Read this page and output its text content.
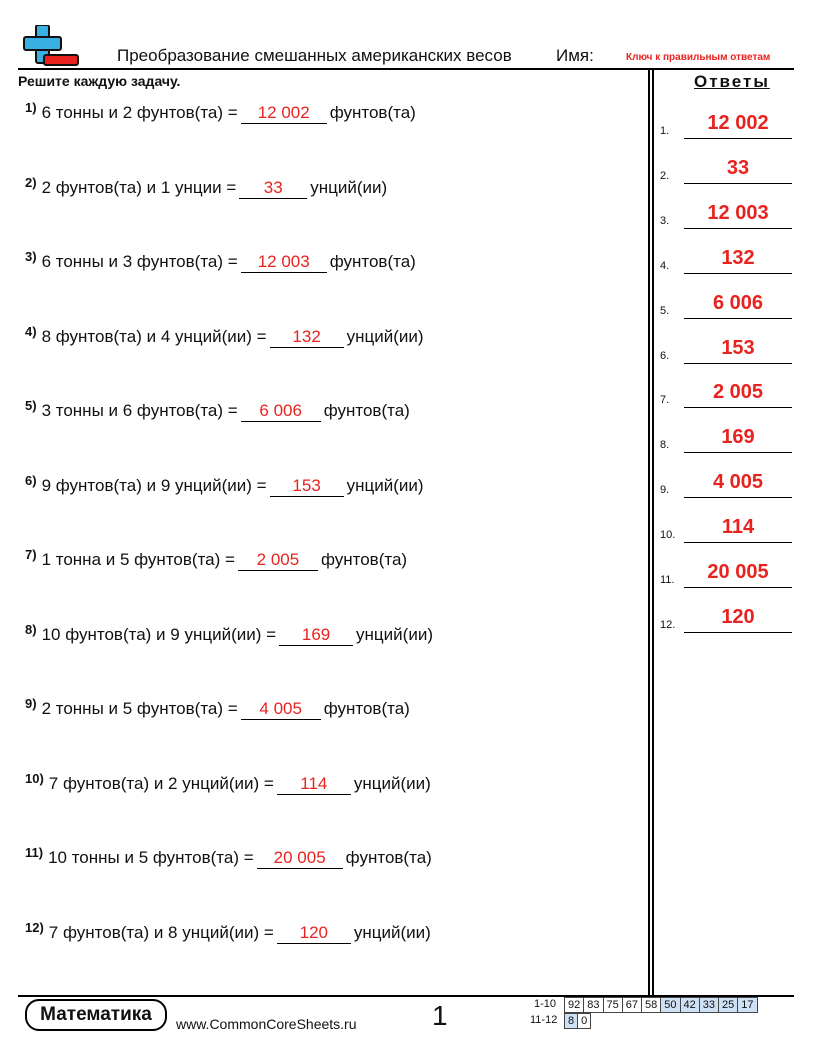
Преобразование смешанных американских весов	Имя:	Ключ к правильным ответам
Решите каждую задачу.
1) 6 тонны и 2 фунтов(та) = 12 002 фунтов(та)
2) 2 фунтов(та) и 1 унции = 33 унций(ии)
3) 6 тонны и 3 фунтов(та) = 12 003 фунтов(та)
4) 8 фунтов(та) и 4 унций(ии) = 132 унций(ии)
5) 3 тонны и 6 фунтов(та) = 6 006 фунтов(та)
6) 9 фунтов(та) и 9 унций(ии) = 153 унций(ии)
7) 1 тонна и 5 фунтов(та) = 2 005 фунтов(та)
8) 10 фунтов(та) и 9 унций(ии) = 169 унций(ии)
9) 2 тонны и 5 фунтов(та) = 4 005 фунтов(та)
10) 7 фунтов(та) и 2 унций(ии) = 114 унций(ии)
11) 10 тонны и 5 фунтов(та) = 20 005 фунтов(та)
12) 7 фунтов(та) и 8 унций(ии) = 120 унций(ии)
Ответы
1.	12 002
2.	33
3.	12 003
4.	132
5.	6 006
6.	153
7.	2 005
8.	169
9.	4 005
10.	114
11.	20 005
12.	120
Математика	www.CommonCoreSheets.ru	1	1-10 92	83	75	67	58	50	42	33	25	17
11-12 8	0
